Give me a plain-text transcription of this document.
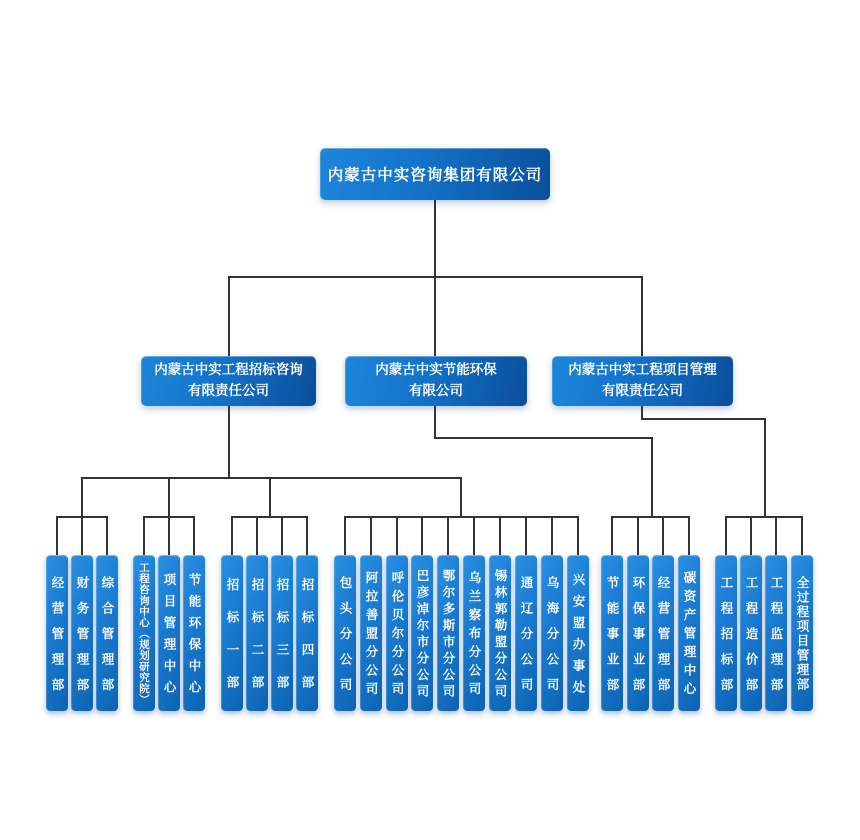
内蒙古中实咨询集团有限公司
内蒙古中实工程招标咨询
有限责任公司
内蒙古中实节能环保
有限公司
内蒙古中实工程项目管理
有限责任公司
经营管理部 财务管理部 综合管理部	工程咨询中心（规划研究院） 项目管理中心 节能环保中心	招标一部 招标二部 招标三部 招标四部	包头分公司 阿拉善盟分公司 呼伦贝尔分公司 巴彦淖尔市分公司 鄂尔多斯市分公司 乌兰察布分公司 锡林郭勒盟分公司 通辽分公司 乌海分公司 兴安盟办事处	节能事业部 环保事业部 经营管理部 碳资产管理中心	工程招标部 工程造价部 工程监理部 全过程项目管理部
